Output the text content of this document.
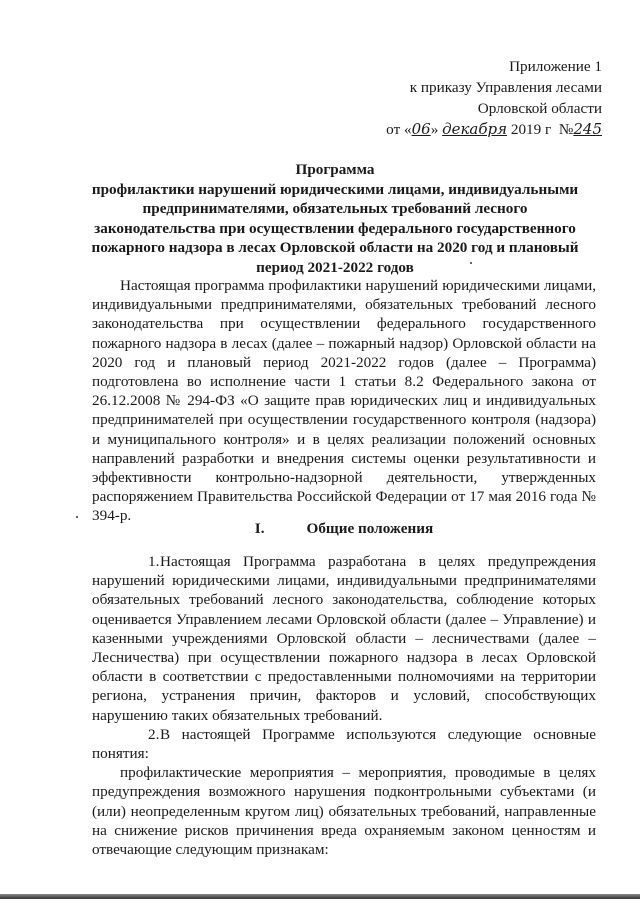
Приложение 1
к приказу Управления лесами
Орловской области
от «06» декабря 2019 г №245
Программа
профилактики нарушений юридическими лицами, индивидуальными предпринимателями, обязательных требований лесного законодательства при осуществлении федерального государственного пожарного надзора в лесах Орловской области на 2020 год и плановый период 2021-2022 годов

Настоящая программа профилактики нарушений юридическими лицами, индивидуальными предпринимателями, обязательных требований лесного законодательства при осуществлении федерального государственного пожарного надзора в лесах (далее – пожарный надзор) Орловской области на 2020 год и плановый период 2021-2022 годов (далее – Программа) подготовлена во исполнение части 1 статьи 8.2 Федерального закона от 26.12.2008 № 294-ФЗ «О защите прав юридических лиц и индивидуальных предпринимателей при осуществлении государственного контроля (надзора) и муниципального контроля» и в целях реализации положений основных направлений разработки и внедрения системы оценки результативности и эффективности контрольно-надзорной деятельности, утвержденных распоряжением Правительства Российской Федерации от 17 мая 2016 года № 394-р.

I.	Общие положения

1.Настоящая Программа разработана в целях предупреждения нарушений юридическими лицами, индивидуальными предпринимателями обязательных требований лесного законодательства, соблюдение которых оценивается Управлением лесами Орловской области (далее – Управление) и казенными учреждениями Орловской области – лесничествами (далее – Лесничества) при осуществлении пожарного надзора в лесах Орловской области в соответствии с предоставленными полномочиями на территории региона, устранения причин, факторов и условий, способствующих нарушению таких обязательных требований.

2.В настоящей Программе используются следующие основные понятия:

профилактические мероприятия – мероприятия, проводимые в целях предупреждения возможного нарушения подконтрольными субъектами (и (или) неопределенным кругом лиц) обязательных требований, направленные на снижение рисков причинения вреда охраняемым законом ценностям и отвечающие следующим признакам:
